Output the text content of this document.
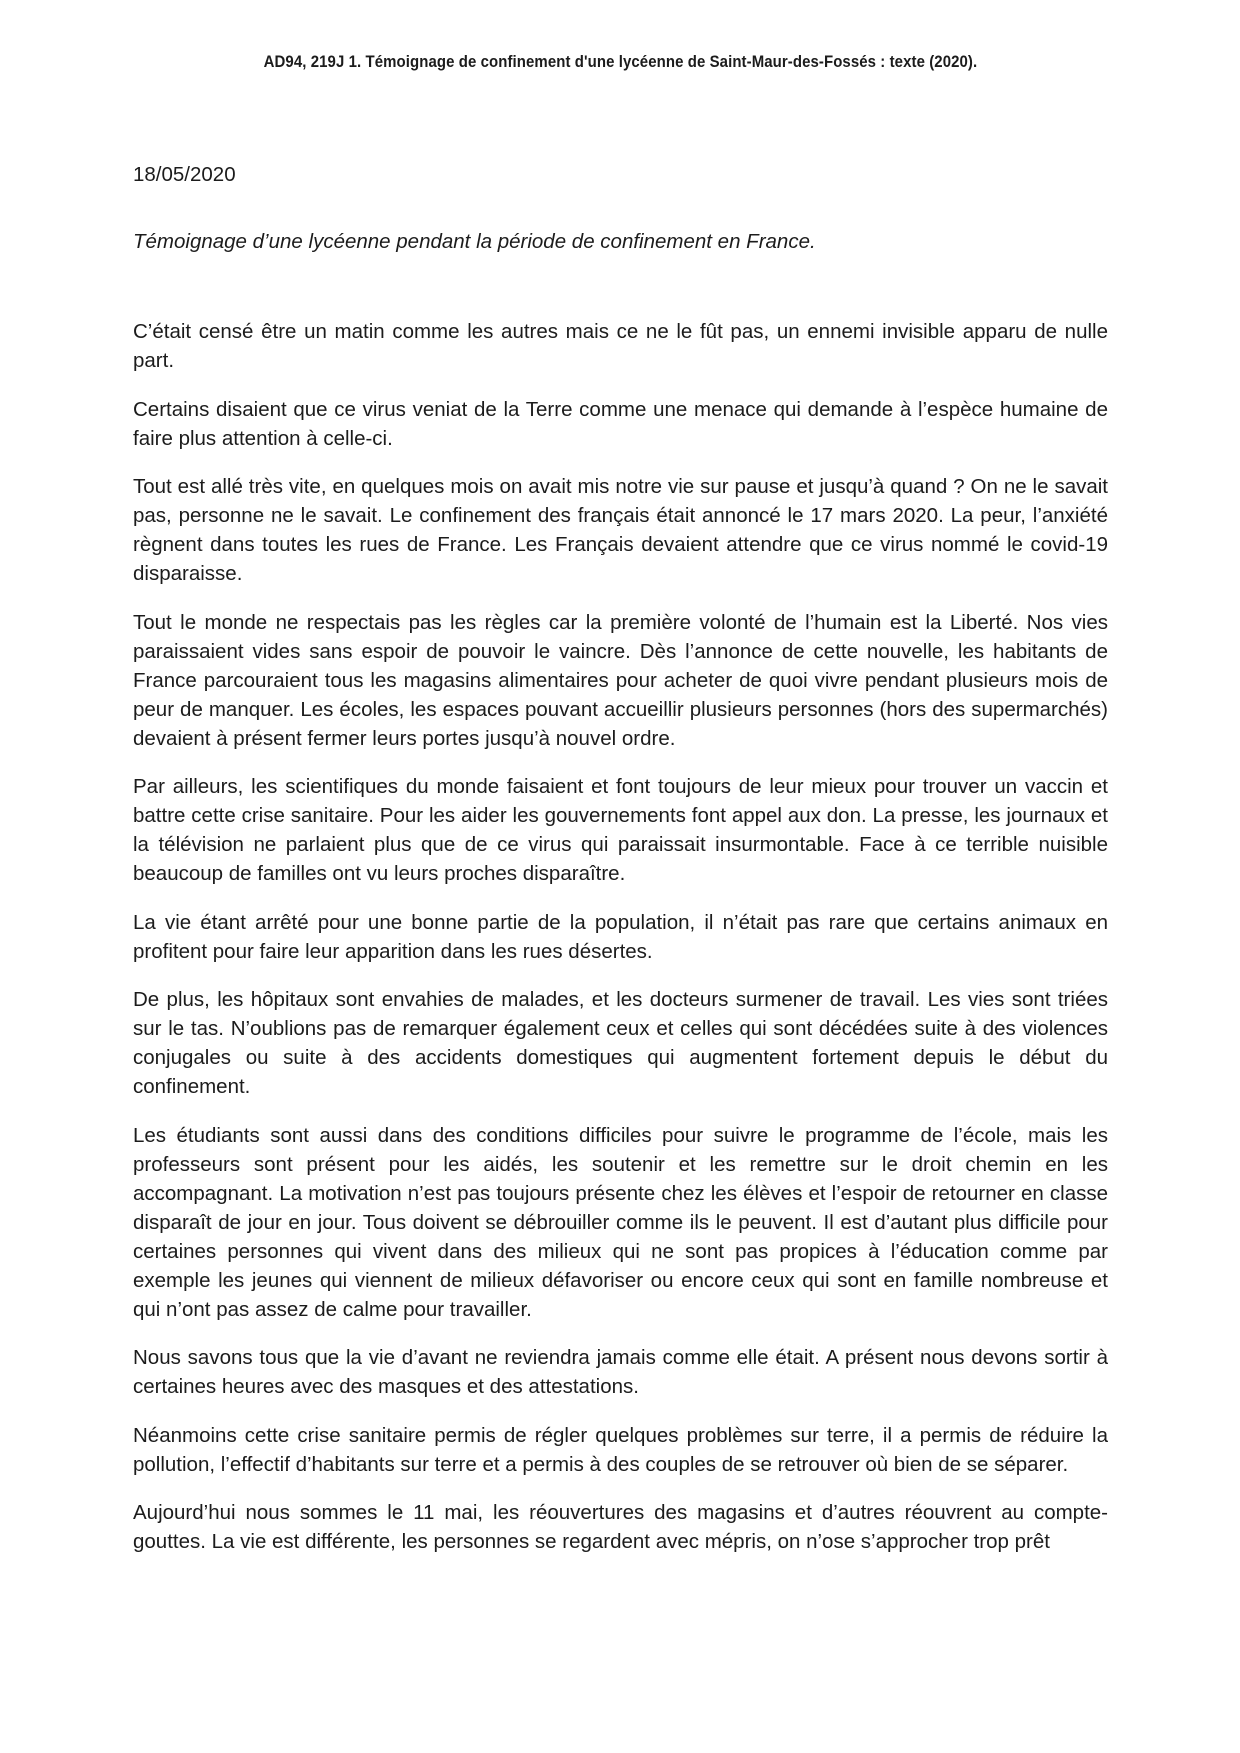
AD94, 219J 1. Témoignage de confinement d'une lycéenne de Saint-Maur-des-Fossés : texte (2020).

18/05/2020

Témoignage d’une lycéenne pendant la période de confinement en France.

C’était censé être un matin comme les autres mais ce ne le fût pas, un ennemi invisible apparu de nulle part.

Certains disaient que ce virus veniat de la Terre comme une menace qui demande à l’espèce humaine de faire plus attention à celle-ci.

Tout est allé très vite, en quelques mois on avait mis notre vie sur pause et jusqu’à quand ? On ne le savait pas, personne ne le savait. Le confinement des français était annoncé le 17 mars 2020. La peur, l’anxiété règnent dans toutes les rues de France. Les Français devaient attendre que ce virus nommé le covid-19 disparaisse.

Tout le monde ne respectais pas les règles car la première volonté de l’humain est la Liberté. Nos vies paraissaient vides sans espoir de pouvoir le vaincre. Dès l’annonce de cette nouvelle, les habitants de France parcouraient tous les magasins alimentaires pour acheter de quoi vivre pendant plusieurs mois de peur de manquer. Les écoles, les espaces pouvant accueillir plusieurs personnes (hors des supermarchés) devaient à présent fermer leurs portes jusqu’à nouvel ordre.

Par ailleurs, les scientifiques du monde faisaient et font toujours de leur mieux pour trouver un vaccin et battre cette crise sanitaire. Pour les aider les gouvernements font appel aux don. La presse, les journaux et la télévision ne parlaient plus que de ce virus qui paraissait insurmontable. Face à ce terrible nuisible beaucoup de familles ont vu leurs proches disparaître.

La vie étant arrêté pour une bonne partie de la population, il n’était pas rare que certains animaux en profitent pour faire leur apparition dans les rues désertes.

De plus, les hôpitaux sont envahies de malades, et les docteurs surmener de travail. Les vies sont triées sur le tas. N’oublions pas de remarquer également ceux et celles qui sont décédées suite à des violences conjugales ou suite à des accidents domestiques qui augmentent fortement depuis le début du confinement.

Les étudiants sont aussi dans des conditions difficiles pour suivre le programme de l’école, mais les professeurs sont présent pour les aidés, les soutenir et les remettre sur le droit chemin en les accompagnant. La motivation n’est pas toujours présente chez les élèves et l’espoir de retourner en classe disparaît de jour en jour. Tous doivent se débrouiller comme ils le peuvent. Il est d’autant plus difficile pour certaines personnes qui vivent dans des milieux qui ne sont pas propices à l’éducation comme par exemple les jeunes qui viennent de milieux défavoriser ou encore ceux qui sont en famille nombreuse et qui n’ont pas assez de calme pour travailler.

Nous savons tous que la vie d’avant ne reviendra jamais comme elle était. A présent nous devons sortir à certaines heures avec des masques et des attestations.

Néanmoins cette crise sanitaire permis de régler quelques problèmes sur terre, il a permis de réduire la pollution, l’effectif d’habitants sur terre et a permis à des couples de se retrouver où bien de se séparer.

Aujourd’hui nous sommes le 11 mai, les réouvertures des magasins et d’autres réouvrent au compte-gouttes. La vie est différente, les personnes se regardent avec mépris, on n’ose s’approcher trop prêt
